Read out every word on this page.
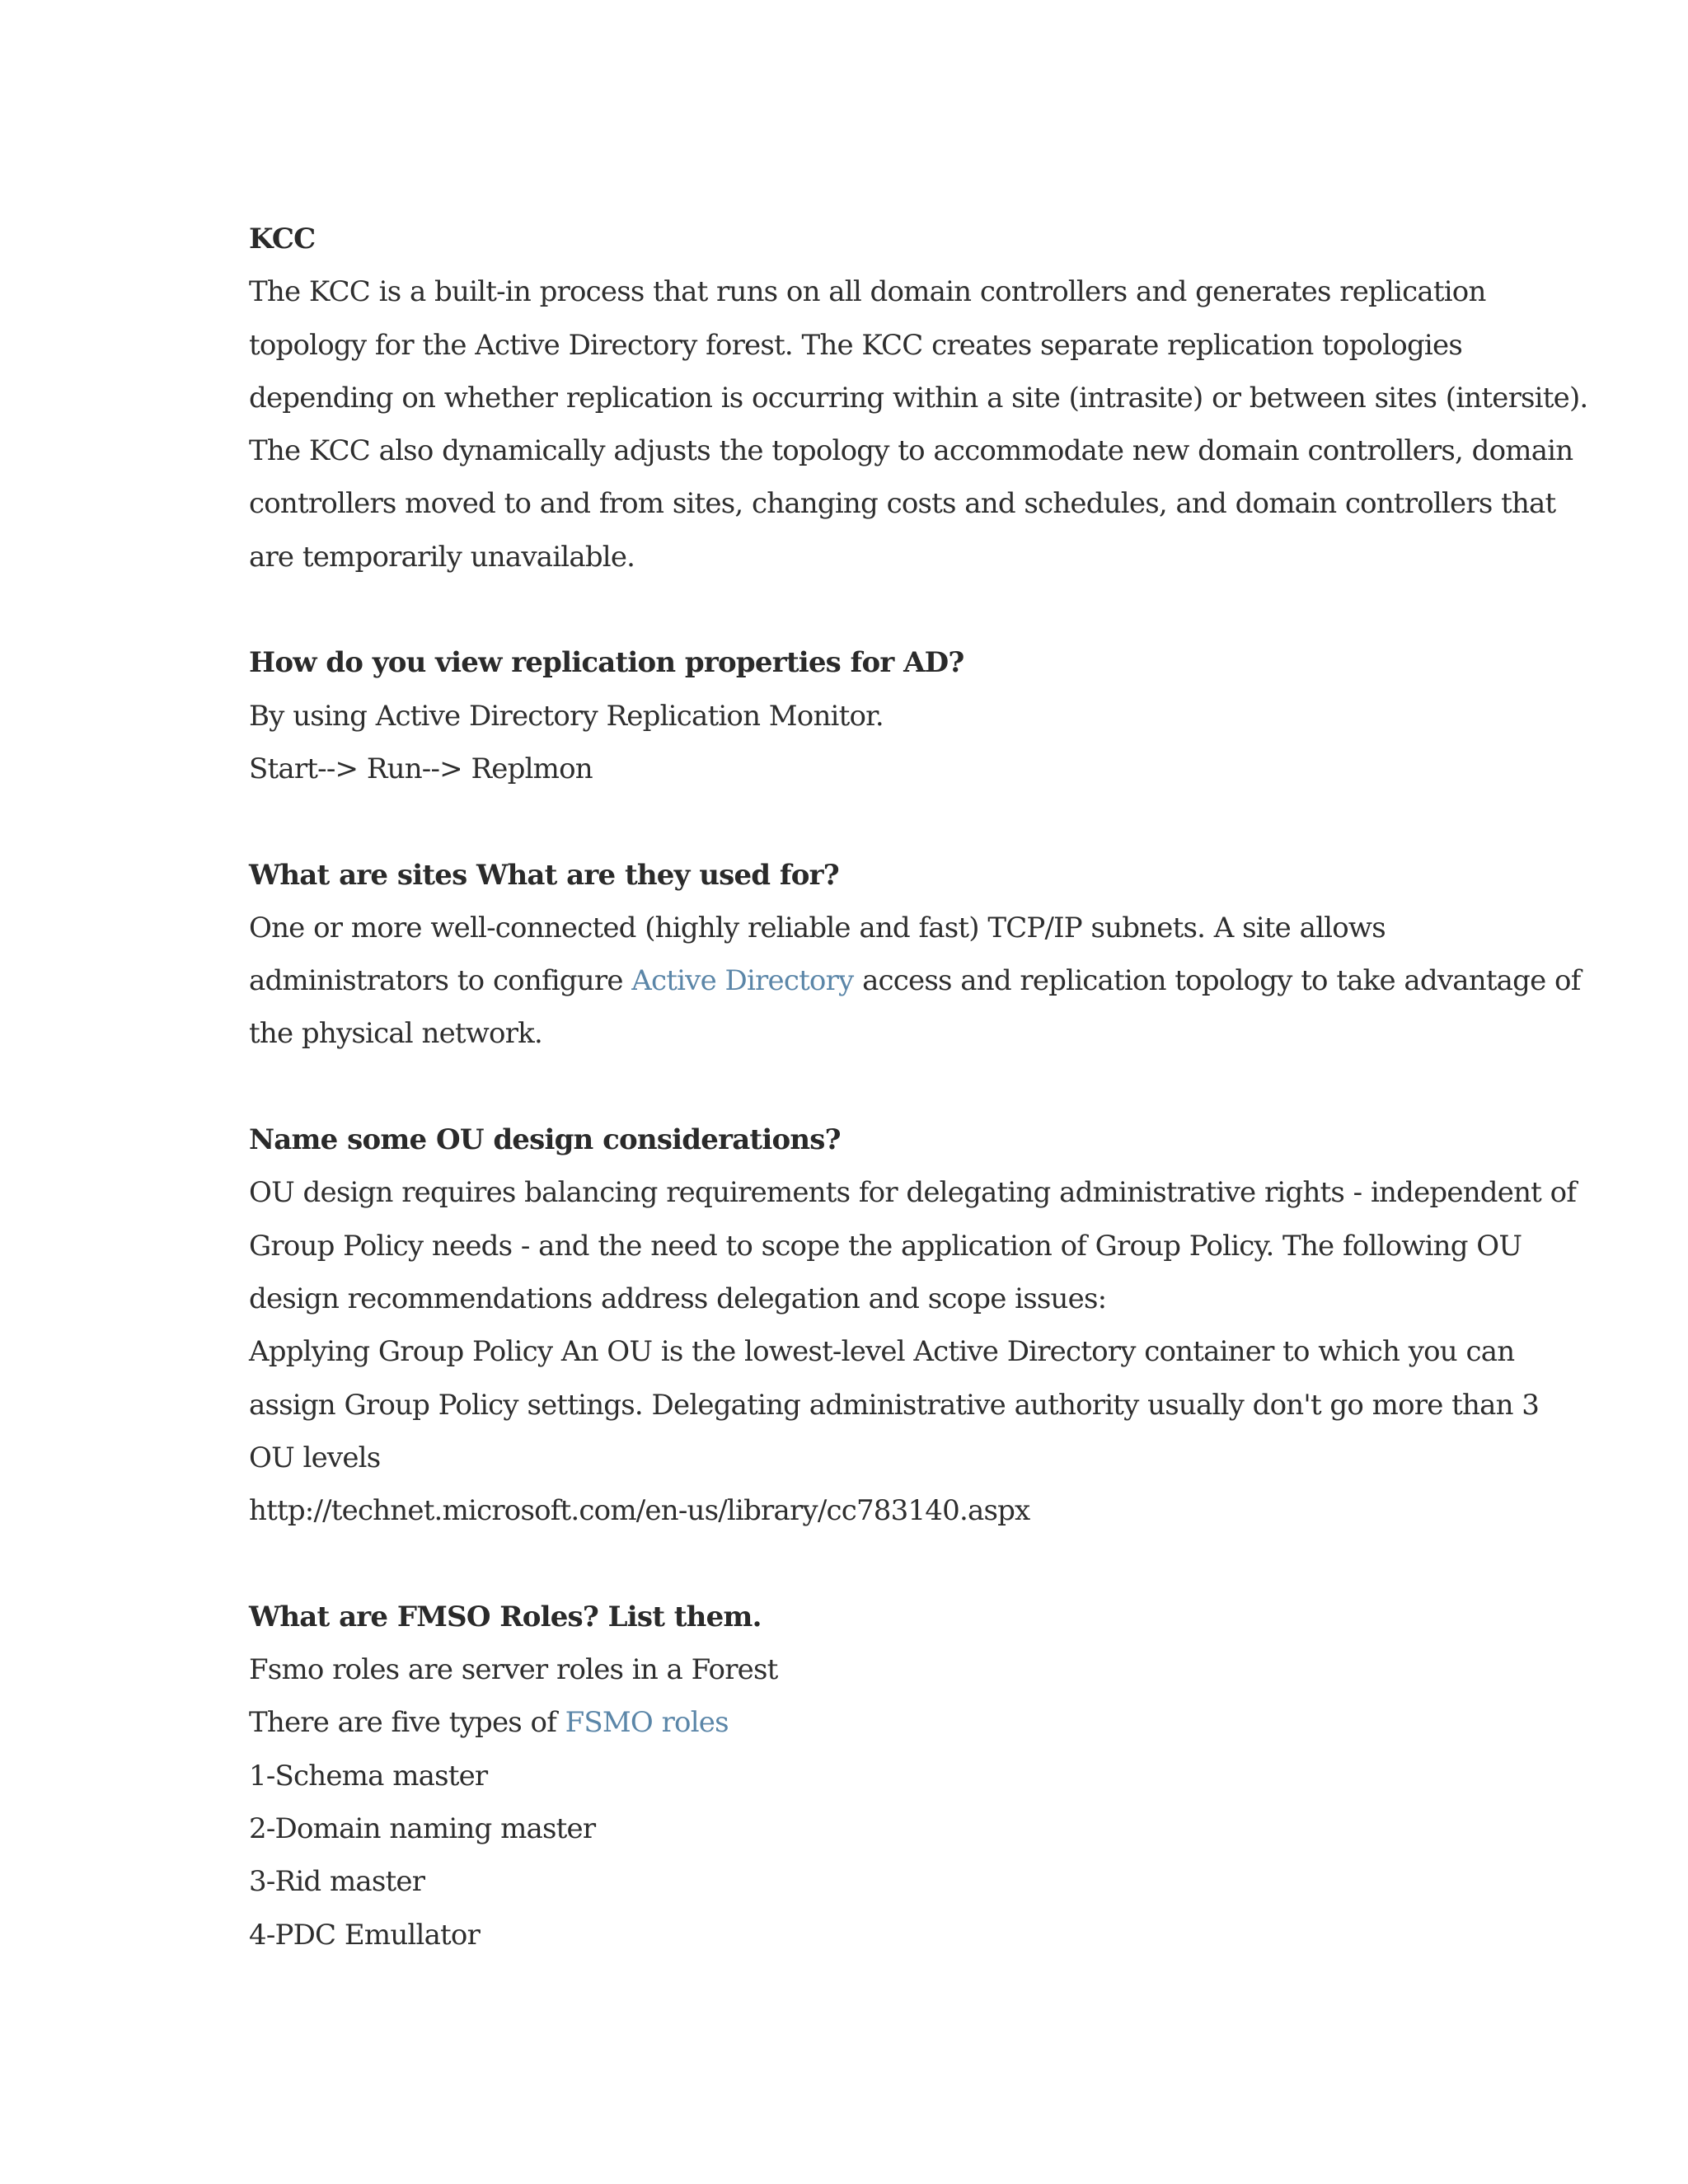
KCC
The KCC is a built-in process that runs on all domain controllers and generates replication
topology for the Active Directory forest. The KCC creates separate replication topologies
depending on whether replication is occurring within a site (intrasite) or between sites (intersite).
The KCC also dynamically adjusts the topology to accommodate new domain controllers, domain
controllers moved to and from sites, changing costs and schedules, and domain controllers that
are temporarily unavailable.
How do you view replication properties for AD?
By using Active Directory Replication Monitor.
Start--> Run--> Replmon
What are sites What are they used for?
One or more well-connected (highly reliable and fast) TCP/IP subnets. A site allows
administrators to configure Active Directory access and replication topology to take advantage of
the physical network.
Name some OU design considerations?
OU design requires balancing requirements for delegating administrative rights - independent of
Group Policy needs - and the need to scope the application of Group Policy. The following OU
design recommendations address delegation and scope issues:
Applying Group Policy An OU is the lowest-level Active Directory container to which you can
assign Group Policy settings. Delegating administrative authority usually don't go more than 3
OU levels
http://technet.microsoft.com/en-us/library/cc783140.aspx
What are FMSO Roles? List them.
Fsmo roles are server roles in a Forest
There are five types of FSMO roles
1-Schema master
2-Domain naming master
3-Rid master
4-PDC Emullator
